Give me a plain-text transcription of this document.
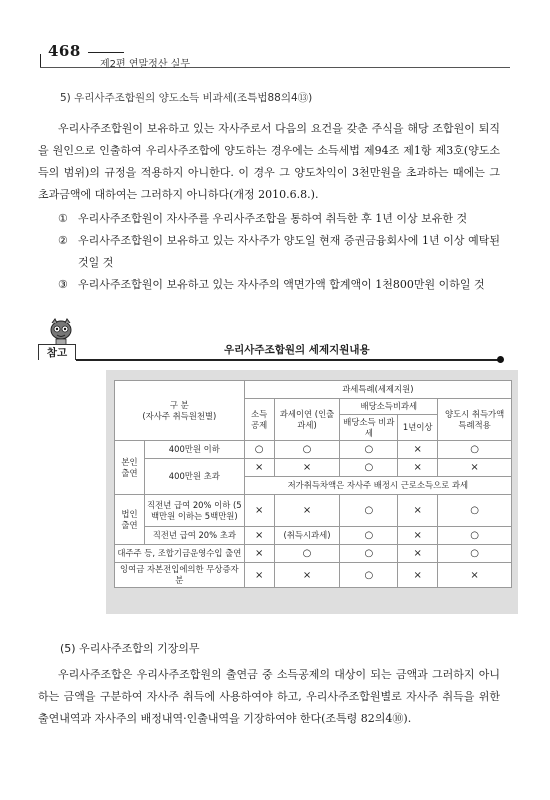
468
제2편 연말정산 실무
5) 우리사주조합원의 양도소득 비과세(조특법88의4⑬)
우리사주조합원이 보유하고 있는 자사주로서 다음의 요건을 갖춘 주식을 해당 조합원이 퇴직을 원인으로 인출하여 우리사주조합에 양도하는 경우에는 소득세법 제94조 제1항 제3호(양도소득의 범위)의 규정을 적용하지 아니한다. 이 경우 그 양도차익이 3천만원을 초과하는 때에는 그 초과금액에 대하여는 그러하지 아니하다(개정 2010.6.8.).
① 우리사주조합원이 자사주를 우리사주조합을 통하여 취득한 후 1년 이상 보유한 것
② 우리사주조합원이 보유하고 있는 자사주가 양도일 현재 증권금융회사에 1년 이상 예탁된 것일 것
③ 우리사주조합원이 보유하고 있는 자사주의 액면가액 합계액이 1천800만원 이하일 것
참고	우리사주조합원의 세제지원내용
구 분
(자사주 취득원천별)		과세특례(세제지원)				
		소득 공제	과세이연 (인출과세)	배당소득비과세		양도시 취득가액 특례적용
				배당소득 비과세	1년이상	
본인 출연	400만원 이하	○	○	○	×	○
	400만원 초과	×	×	○	×	×
		저가취득차액은 자사주 배정시 근로소득으로 과세				
법인 출연	직전년 급여 20% 이하 (5백만원 이하는 5백만원)	×	×	○	×	○
	직전년 급여 20% 초과	×	(취득시과세)	○	×	○
대주주 등, 조합기금운영수입 출연		×	○	○	×	○
잉여금 자본전입에의한 무상증자분		×	×	○	×	×
(5) 우리사주조합의 기장의무
우리사주조합은 우리사주조합원의 출연금 중 소득공제의 대상이 되는 금액과 그러하지 아니하는 금액을 구분하여 자사주 취득에 사용하여야 하고, 우리사주조합원별로 자사주 취득을 위한 출연내역과 자사주의 배정내역·인출내역을 기장하여야 한다(조특령 82의4⑩).
